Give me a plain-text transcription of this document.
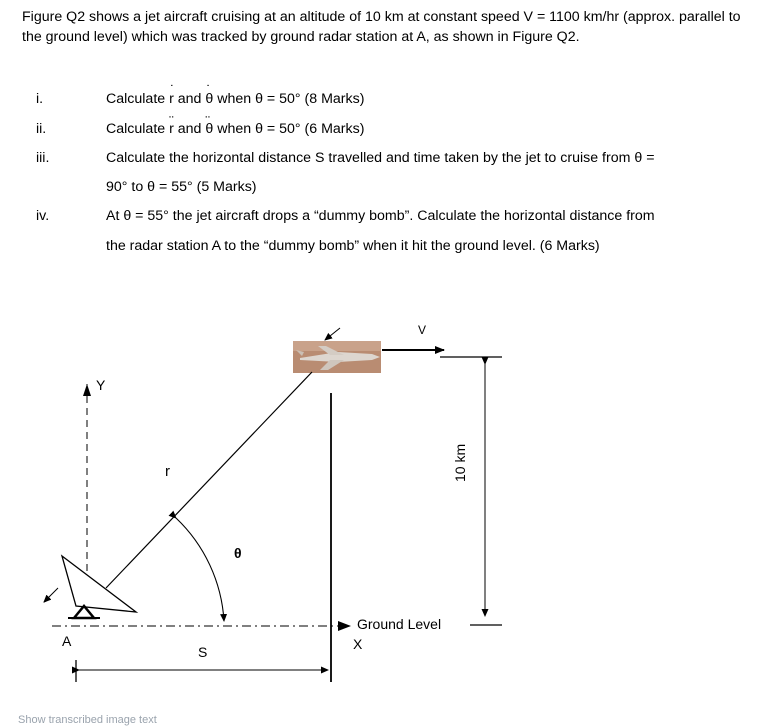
Figure Q2 shows a jet aircraft cruising at an altitude of 10 km at constant speed V = 1100 km/hr (approx. parallel to the ground level) which was tracked by ground radar station at A, as shown in Figure Q2.
i.	Calculate r ˙ and θ ˙ when θ = 50° (8 Marks)
ii.	Calculate r ¨ and θ ¨ when θ = 50° (6 Marks)
iii.	Calculate the horizontal distance S travelled and time taken by the jet to cruise from θ =
90° to θ = 55° (5 Marks)
iv.	At θ = 55° the jet aircraft drops a “dummy bomb”. Calculate the horizontal distance from
the radar station A to the “dummy bomb” when it hit the ground level. (6 Marks)
V
Y
r
θ
10 km
Ground Level
X
A
S
Show transcribed image text
